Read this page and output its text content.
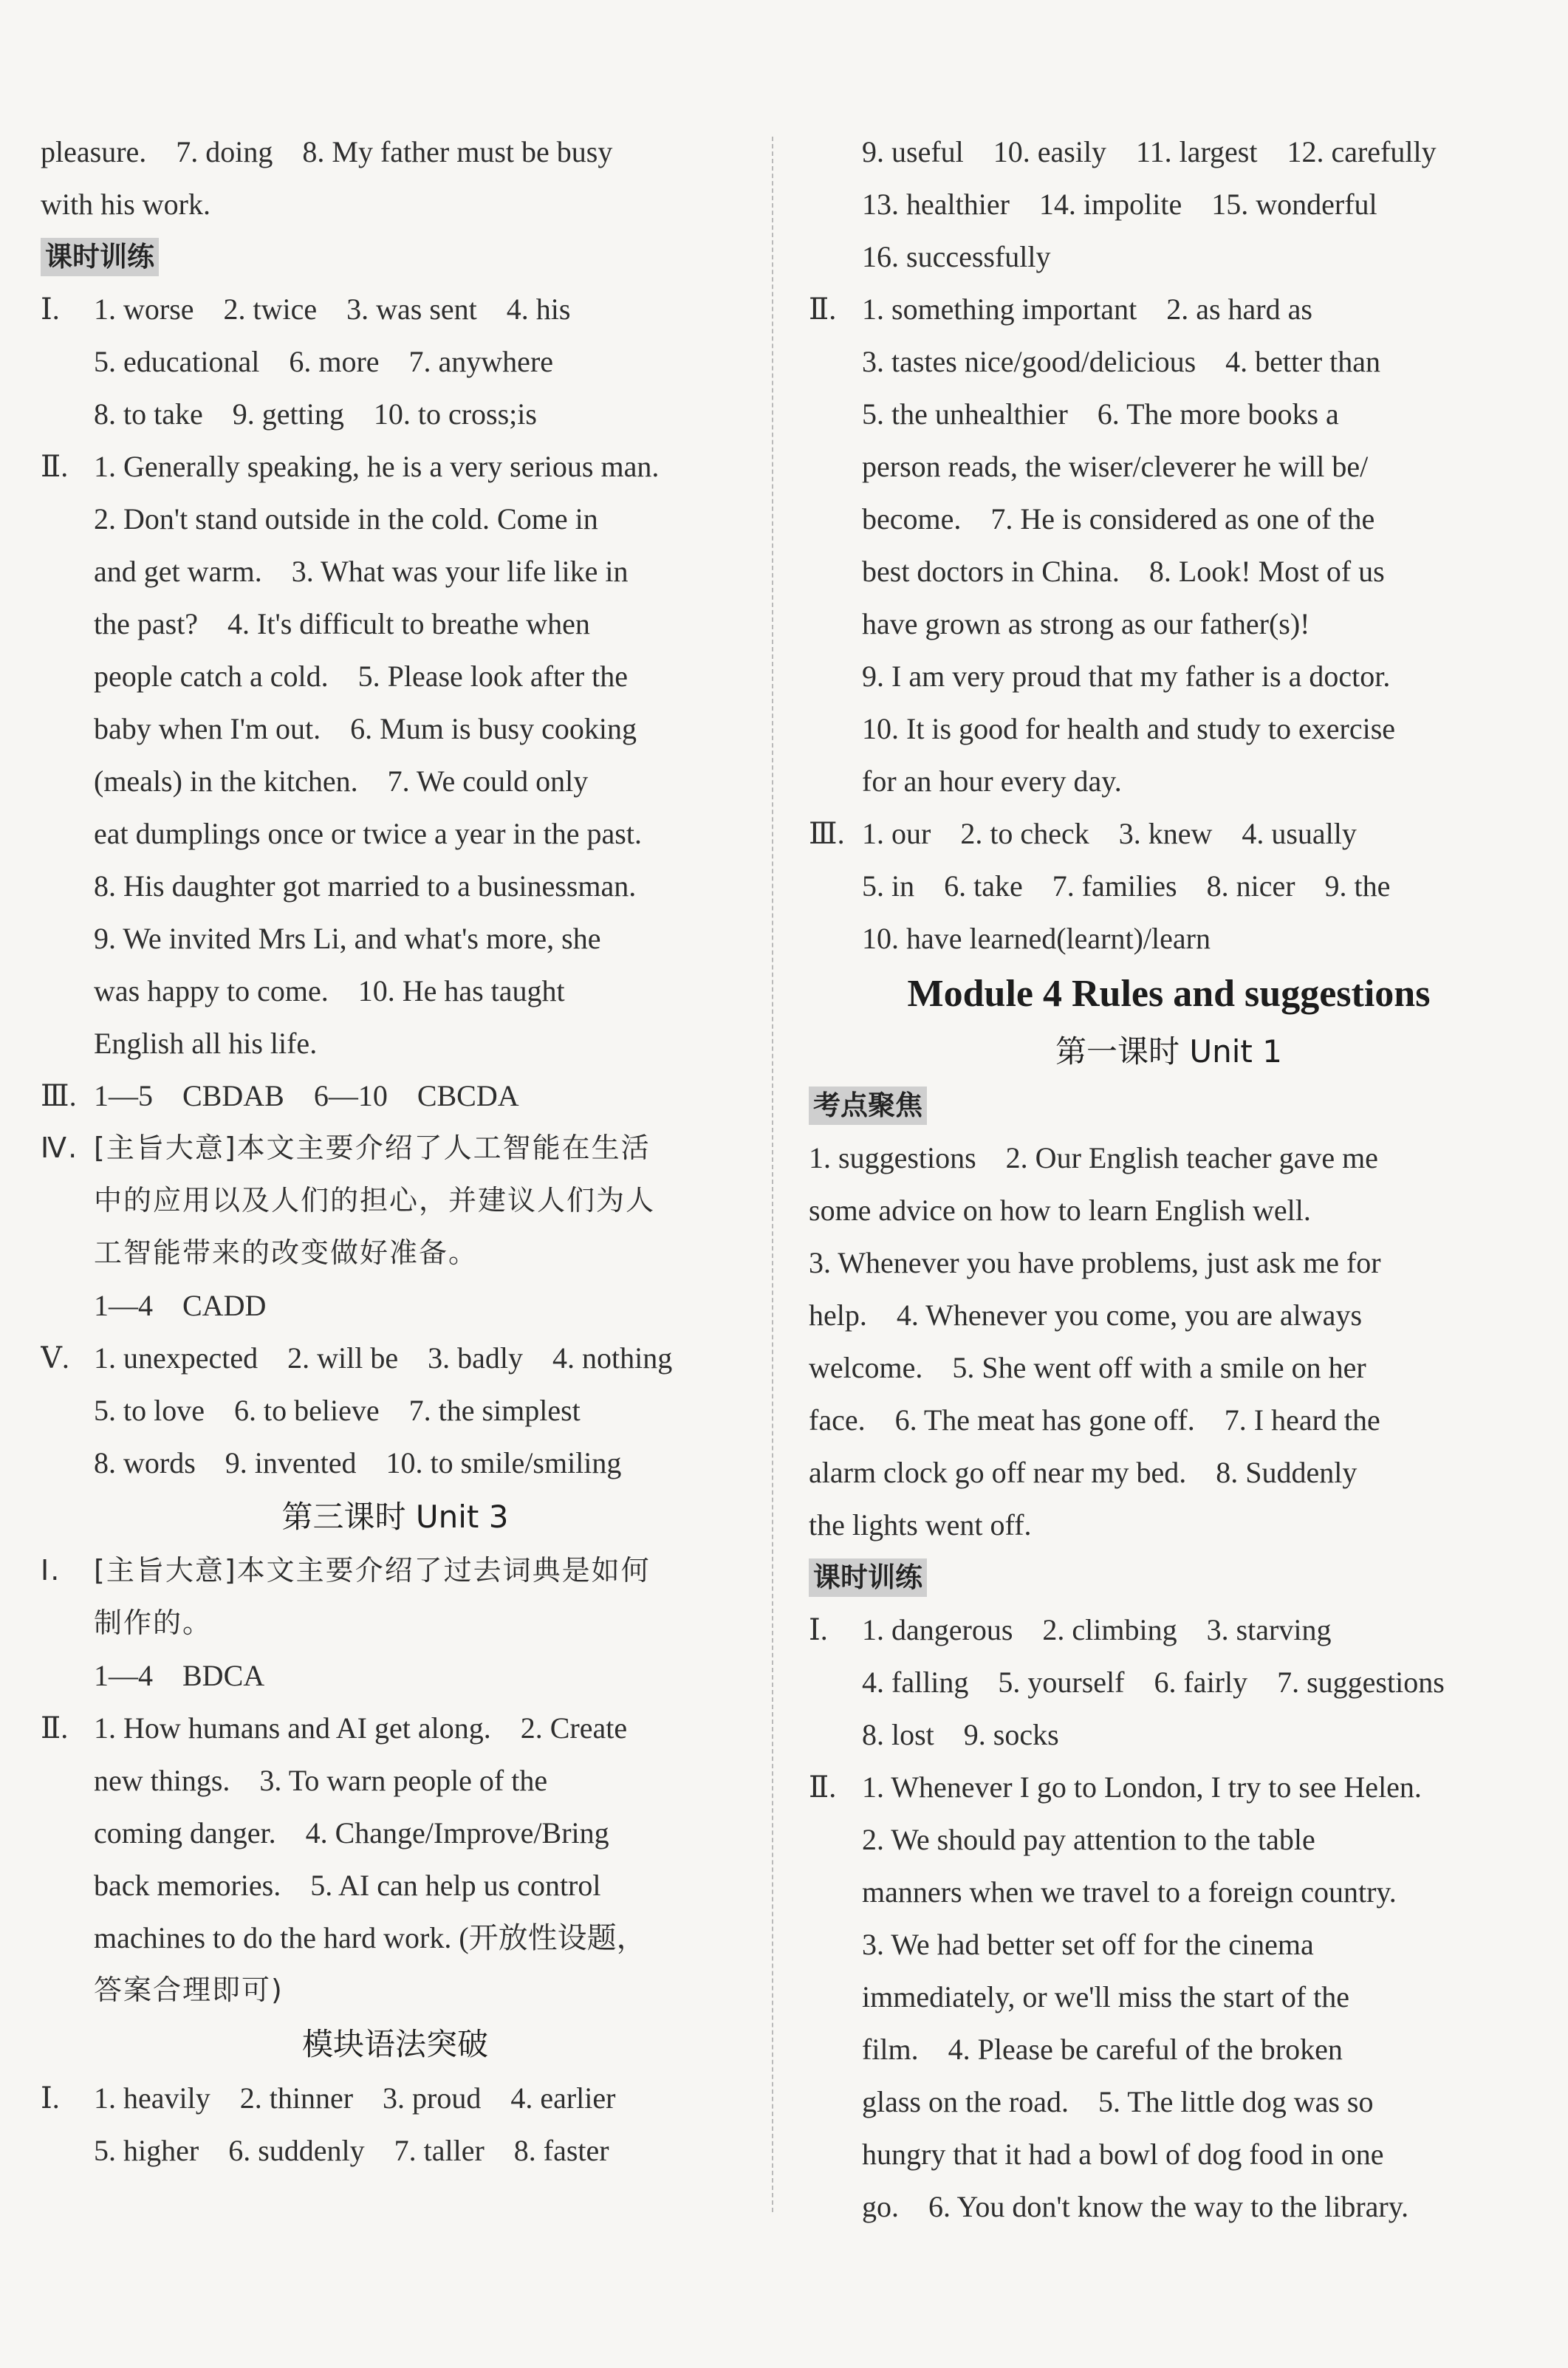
pleasure.    7. doing    8. My father must be busy
with his work.
课时训练
Ⅰ. 1. worse    2. twice    3. was sent    4. his
5. educational    6. more    7. anywhere
8. to take    9. getting    10. to cross;is
Ⅱ. 1. Generally speaking, he is a very serious man.
2. Don't stand outside in the cold. Come in
and get warm.    3. What was your life like in
the past?    4. It's difficult to breathe when
people catch a cold.    5. Please look after the
baby when I'm out.    6. Mum is busy cooking
(meals) in the kitchen.    7. We could only
eat dumplings once or twice a year in the past.
8. His daughter got married to a businessman.
9. We invited Mrs Li, and what's more, she
was happy to come.    10. He has taught
English all his life.
Ⅲ. 1—5    CBDAB    6—10    CBCDA
Ⅳ. [主旨大意]本文主要介绍了人工智能在生活
中的应用以及人们的担心，并建议人们为人
工智能带来的改变做好准备。
1—4    CADD
Ⅴ. 1. unexpected    2. will be    3. badly    4. nothing
5. to love    6. to believe    7. the simplest
8. words    9. invented    10. to smile/smiling
第三课时 Unit 3
Ⅰ. [主旨大意]本文主要介绍了过去词典是如何
制作的。
1—4    BDCA
Ⅱ. 1. How humans and AI get along.    2. Create
new things.    3. To warn people of the
coming danger.    4. Change/Improve/Bring
back memories.    5. AI can help us control
machines to do the hard work. (开放性设题，
答案合理即可)
模块语法突破
Ⅰ. 1. heavily    2. thinner    3. proud    4. earlier
5. higher    6. suddenly    7. taller    8. faster
9. useful    10. easily    11. largest    12. carefully
13. healthier    14. impolite    15. wonderful
16. successfully
Ⅱ. 1. something important    2. as hard as
3. tastes nice/good/delicious    4. better than
5. the unhealthier    6. The more books a
person reads, the wiser/cleverer he will be/
become.    7. He is considered as one of the
best doctors in China.    8. Look! Most of us
have grown as strong as our father(s)!
9. I am very proud that my father is a doctor.
10. It is good for health and study to exercise
for an hour every day.
Ⅲ. 1. our    2. to check    3. knew    4. usually
5. in    6. take    7. families    8. nicer    9. the
10. have learned(learnt)/learn
Module 4 Rules and suggestions
第一课时 Unit 1
考点聚焦
1. suggestions    2. Our English teacher gave me
some advice on how to learn English well.
3. Whenever you have problems, just ask me for
help.    4. Whenever you come, you are always
welcome.    5. She went off with a smile on her
face.    6. The meat has gone off.    7. I heard the
alarm clock go off near my bed.    8. Suddenly
the lights went off.
课时训练
Ⅰ. 1. dangerous    2. climbing    3. starving
4. falling    5. yourself    6. fairly    7. suggestions
8. lost    9. socks
Ⅱ. 1. Whenever I go to London, I try to see Helen.
2. We should pay attention to the table
manners when we travel to a foreign country.
3. We had better set off for the cinema
immediately, or we'll miss the start of the
film.    4. Please be careful of the broken
glass on the road.    5. The little dog was so
hungry that it had a bowl of dog food in one
go.    6. You don't know the way to the library.
